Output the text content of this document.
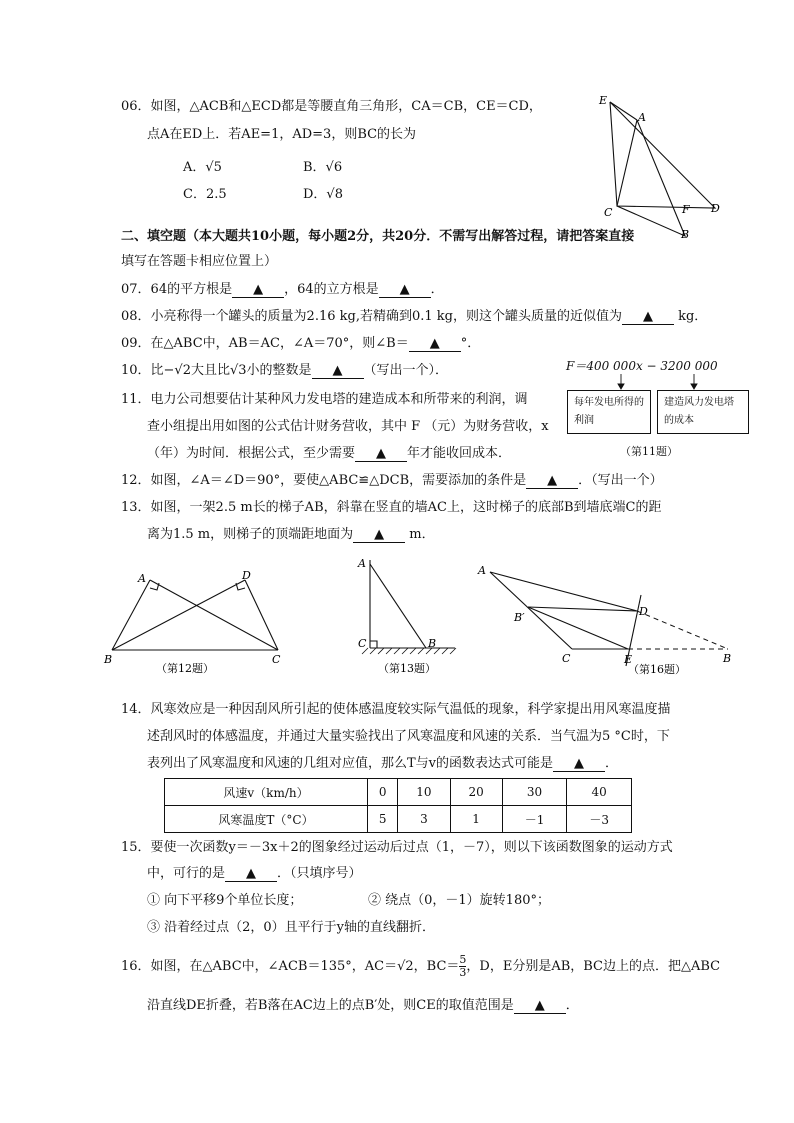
06．如图，△ACB和△ECD都是等腰直角三角形，CA＝CB，CE＝CD，
点A在ED上．若AE=1，AD=3，则BC的长为
A．√5	B．√6
C．2.5	D．√8
E
A
C	F D
B
二、填空题（本大题共10小题，每小题2分，共20分．不需写出解答过程，请把答案直接
填写在答题卡相应位置上）
07．64的平方根是 ▲ ，64的立方根是 ▲ ．
08．小亮称得一个罐头的质量为2.16 kg,若精确到0.1 kg，则这个罐头质量的近似值为 ▲ kg．
09．在△ABC中，AB＝AC，∠A＝70°，则∠B＝ ▲ °．
10．比−√2大且比√3小的整数是 ▲ （写出一个）．
11．电力公司想要估计某种风力发电塔的建造成本和所带来的利润，调
查小组提出用如图的公式估计财务营收，其中 F （元）为财务营收，x
（年）为时间．根据公式，至少需要 ▲ 年才能收回成本．
F＝400 000x − 3200 000
每年发电所得的利润
建造风力发电塔的成本
（第11题）
12．如图，∠A＝∠D＝90°，要使△ABC≌△DCB，需要添加的条件是 ▲ ．（写出一个）
13．如图，一架2.5 m长的梯子AB，斜靠在竖直的墙AC上，这时梯子的底部B到墙底端C的距
离为1.5 m，则梯子的顶端距地面为 ▲ m．
A	D
B	C
（第12题）
A
C	B
（第13题）
A
B′	D
C	E	B
（第16题）
14．风寒效应是一种因刮风所引起的使体感温度较实际气温低的现象，科学家提出用风寒温度描
述刮风时的体感温度，并通过大量实验找出了风寒温度和风速的关系．当气温为5 °C时，下
表列出了风寒温度和风速的几组对应值，那么T与v的函数表达式可能是 ▲ ．
风速v（km/h）	0	10	20	30	40
风寒温度T（°C）	5	3	1	－1	－3
15．要使一次函数y＝－3x＋2的图象经过运动后过点（1，－7），则以下该函数图象的运动方式
中，可行的是 ▲ ．（只填序号）
① 向下平移9个单位长度；	② 绕点（0，－1）旋转180°；
③ 沿着经过点（2，0）且平行于y轴的直线翻折．
16．如图，在△ABC中，∠ACB＝135°，AC＝√2，$BC= \frac{5}{3}$ ，D，E分别是AB，BC边上的点．把△ABC
沿直线DE折叠，若B落在AC边上的点B′处，则CE的取值范围是 ▲ ．
